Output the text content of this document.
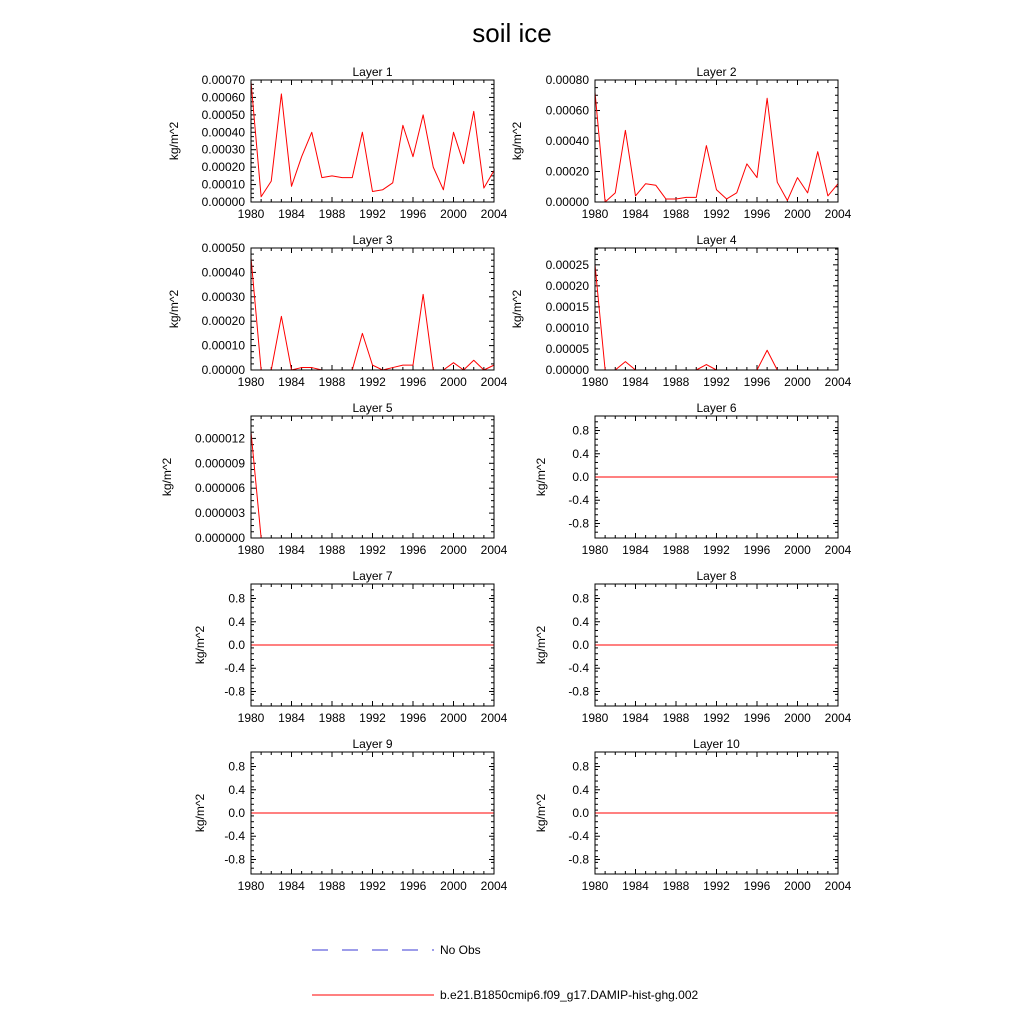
soil ice
Layer 1
kg/m^2
1980 1984 1988 1992 1996 2000 2004
0.00000
0.00010
0.00020
0.00030
0.00040
0.00050
0.00060
0.00070
Layer 2
kg/m^2
1980 1984 1988 1992 1996 2000 2004
0.00000
0.00020
0.00040
0.00060
0.00080
Layer 3
kg/m^2
1980 1984 1988 1992 1996 2000 2004
0.00000
0.00010
0.00020
0.00030
0.00040
0.00050
Layer 4
kg/m^2
1980 1984 1988 1992 1996 2000 2004
0.00000
0.00005
0.00010
0.00015
0.00020
0.00025
Layer 5
kg/m^2
1980 1984 1988 1992 1996 2000 2004
0.000000
0.000003
0.000006
0.000009
0.000012
Layer 6
kg/m^2
1980 1984 1988 1992 1996 2000 2004
-0.8
-0.4
0.0
0.4
0.8
Layer 7
kg/m^2
1980 1984 1988 1992 1996 2000 2004
-0.8
-0.4
0.0
0.4
0.8
Layer 8
kg/m^2
1980 1984 1988 1992 1996 2000 2004
-0.8
-0.4
0.0
0.4
0.8
Layer 9
kg/m^2
1980 1984 1988 1992 1996 2000 2004
-0.8
-0.4
0.0
0.4
0.8
Layer 10
kg/m^2
1980 1984 1988 1992 1996 2000 2004
-0.8
-0.4
0.0
0.4
0.8
No Obs
b.e21.B1850cmip6.f09_g17.DAMIP-hist-ghg.002
